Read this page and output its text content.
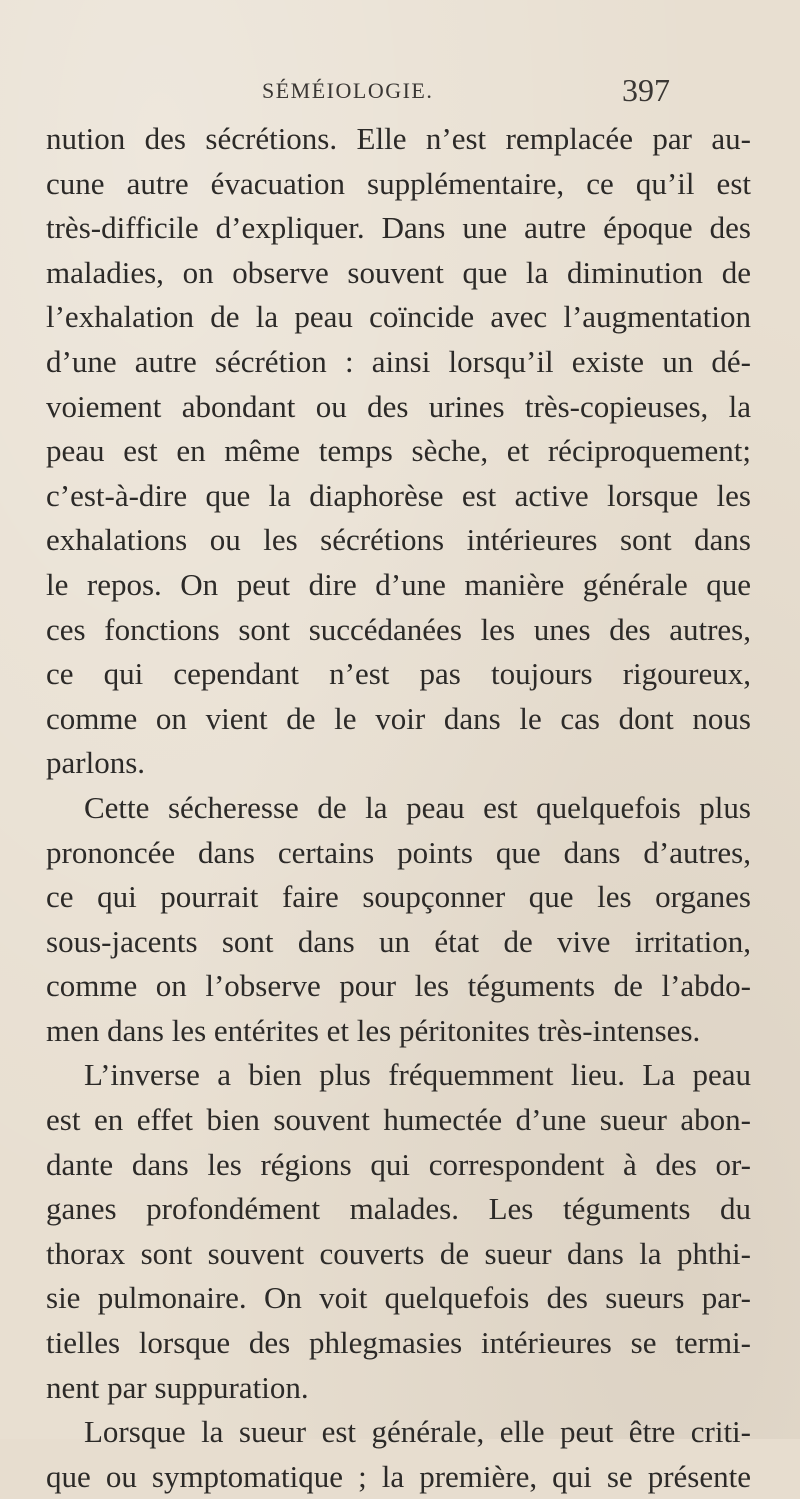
SÉMÉIOLOGIE.	397
nution des sécrétions. Elle n’est remplacée par au-
cune autre évacuation supplémentaire, ce qu’il est
très-difficile d’expliquer. Dans une autre époque des
maladies, on observe souvent que la diminution de
l’exhalation de la peau coïncide avec l’augmentation
d’une autre sécrétion : ainsi lorsqu’il existe un dé-
voiement abondant ou des urines très-copieuses, la
peau est en même temps sèche, et réciproquement;
c’est-à-dire que la diaphorèse est active lorsque les
exhalations ou les sécrétions intérieures sont dans
le repos. On peut dire d’une manière générale que
ces fonctions sont succédanées les unes des autres,
ce qui cependant n’est pas toujours rigoureux,
comme on vient de le voir dans le cas dont nous
parlons.
Cette sécheresse de la peau est quelquefois plus
prononcée dans certains points que dans d’autres,
ce qui pourrait faire soupçonner que les organes
sous-jacents sont dans un état de vive irritation,
comme on l’observe pour les téguments de l’abdo-
men dans les entérites et les péritonites très-intenses.
L’inverse a bien plus fréquemment lieu. La peau
est en effet bien souvent humectée d’une sueur abon-
dante dans les régions qui correspondent à des or-
ganes profondément malades. Les téguments du
thorax sont souvent couverts de sueur dans la phthi-
sie pulmonaire. On voit quelquefois des sueurs par-
tielles lorsque des phlegmasies intérieures se termi-
nent par suppuration.
Lorsque la sueur est générale, elle peut être criti-
que ou symptomatique ; la première, qui se présente
